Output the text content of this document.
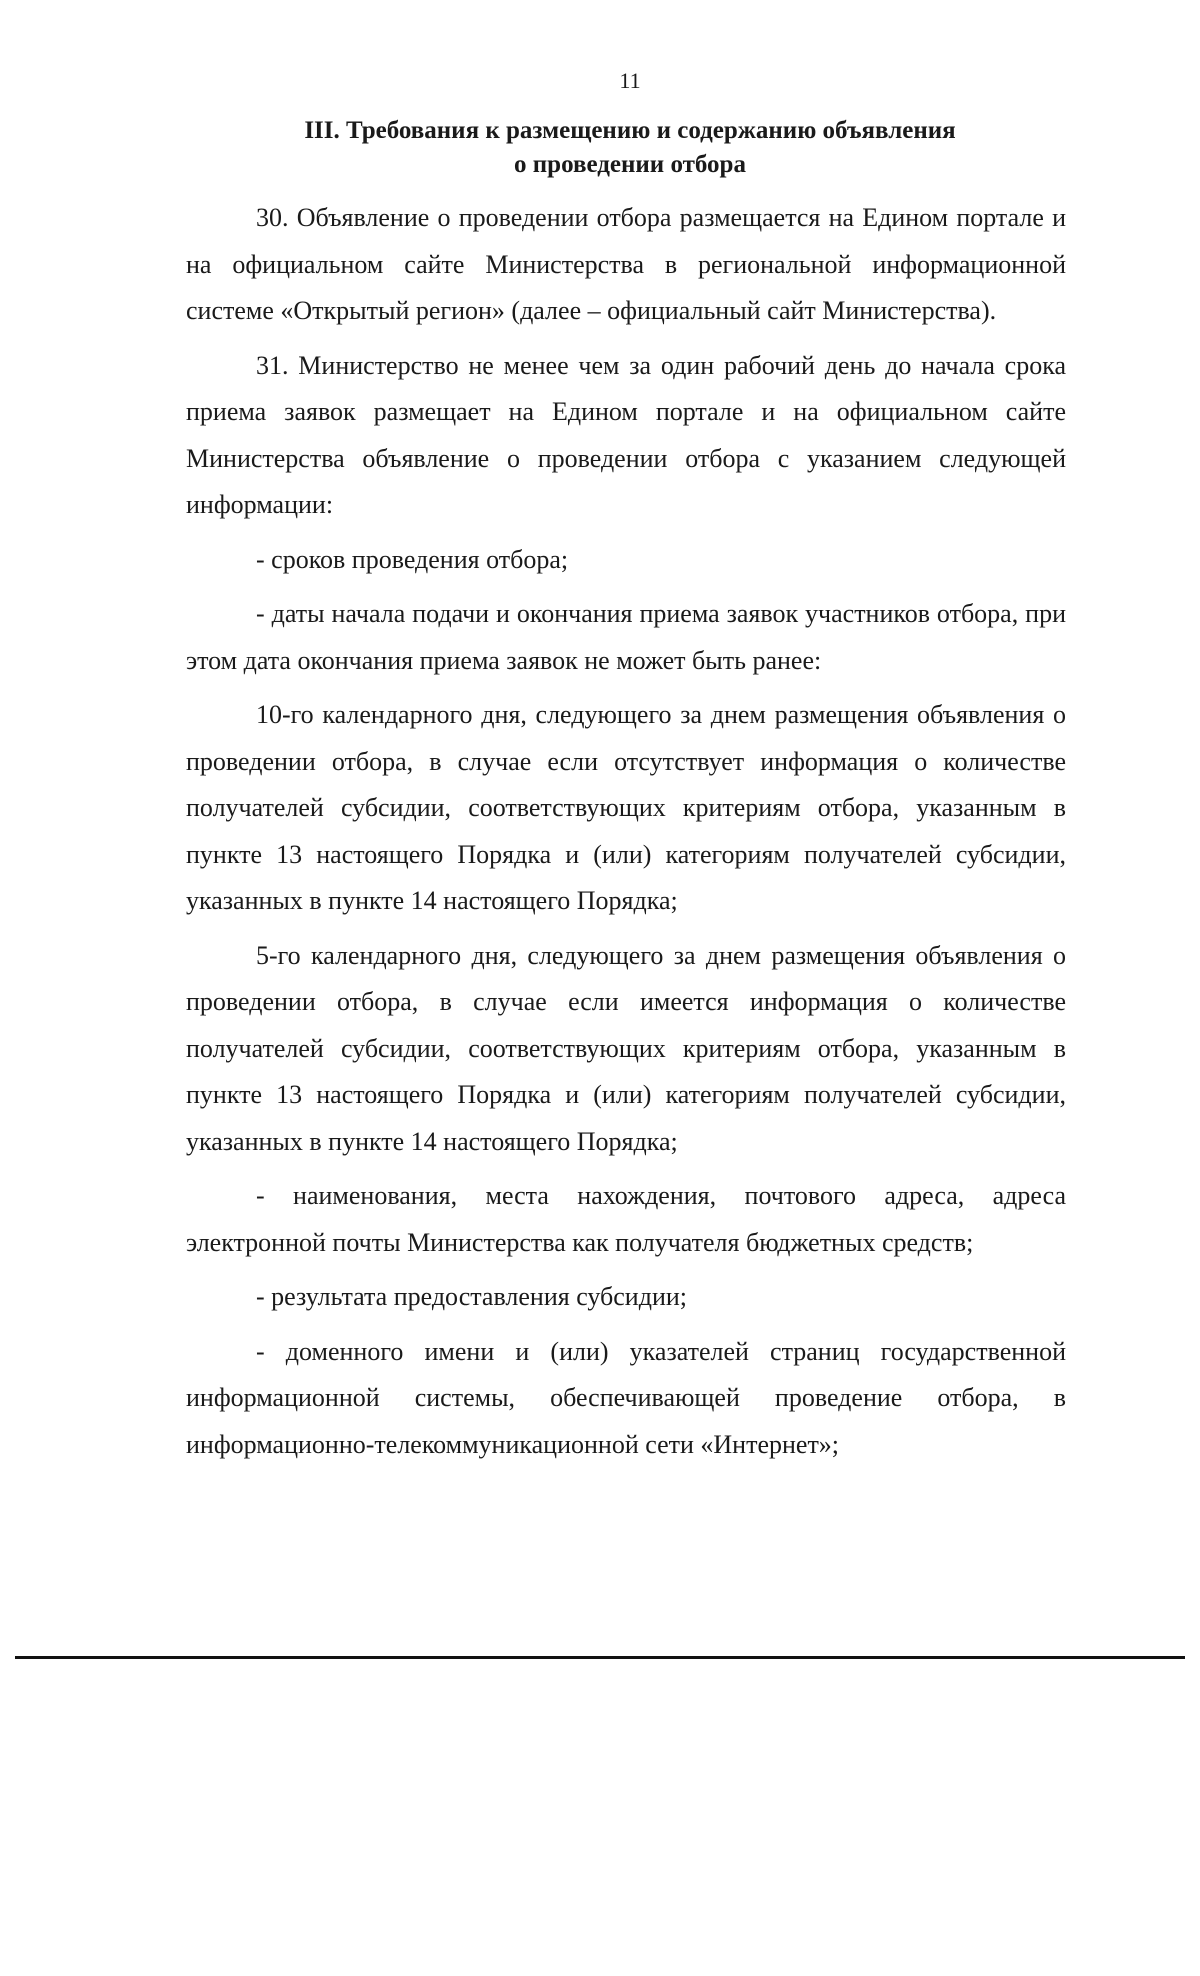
11
III. Требования к размещению и содержанию объявления
о проведении отбора

30. Объявление о проведении отбора размещается на Едином портале и на официальном сайте Министерства в региональной информационной системе «Открытый регион» (далее – официальный сайт Министерства).

31. Министерство не менее чем за один рабочий день до начала срока приема заявок размещает на Едином портале и на официальном сайте Министерства объявление о проведении отбора с указанием следующей информации:

- сроков проведения отбора;

- даты начала подачи и окончания приема заявок участников отбора, при этом дата окончания приема заявок не может быть ранее:

10-го календарного дня, следующего за днем размещения объявления о проведении отбора, в случае если отсутствует информация о количестве получателей субсидии, соответствующих критериям отбора, указанным в пункте 13 настоящего Порядка и (или) категориям получателей субсидии, указанных в пункте 14 настоящего Порядка;

5-го календарного дня, следующего за днем размещения объявления о проведении отбора, в случае если имеется информация о количестве получателей субсидии, соответствующих критериям отбора, указанным в пункте 13 настоящего Порядка и (или) категориям получателей субсидии, указанных в пункте 14 настоящего Порядка;

- наименования, места нахождения, почтового адреса, адреса электронной почты Министерства как получателя бюджетных средств;

- результата предоставления субсидии;

- доменного имени и (или) указателей страниц государственной информационной системы, обеспечивающей проведение отбора, в информационно-телекоммуникационной сети «Интернет»;
